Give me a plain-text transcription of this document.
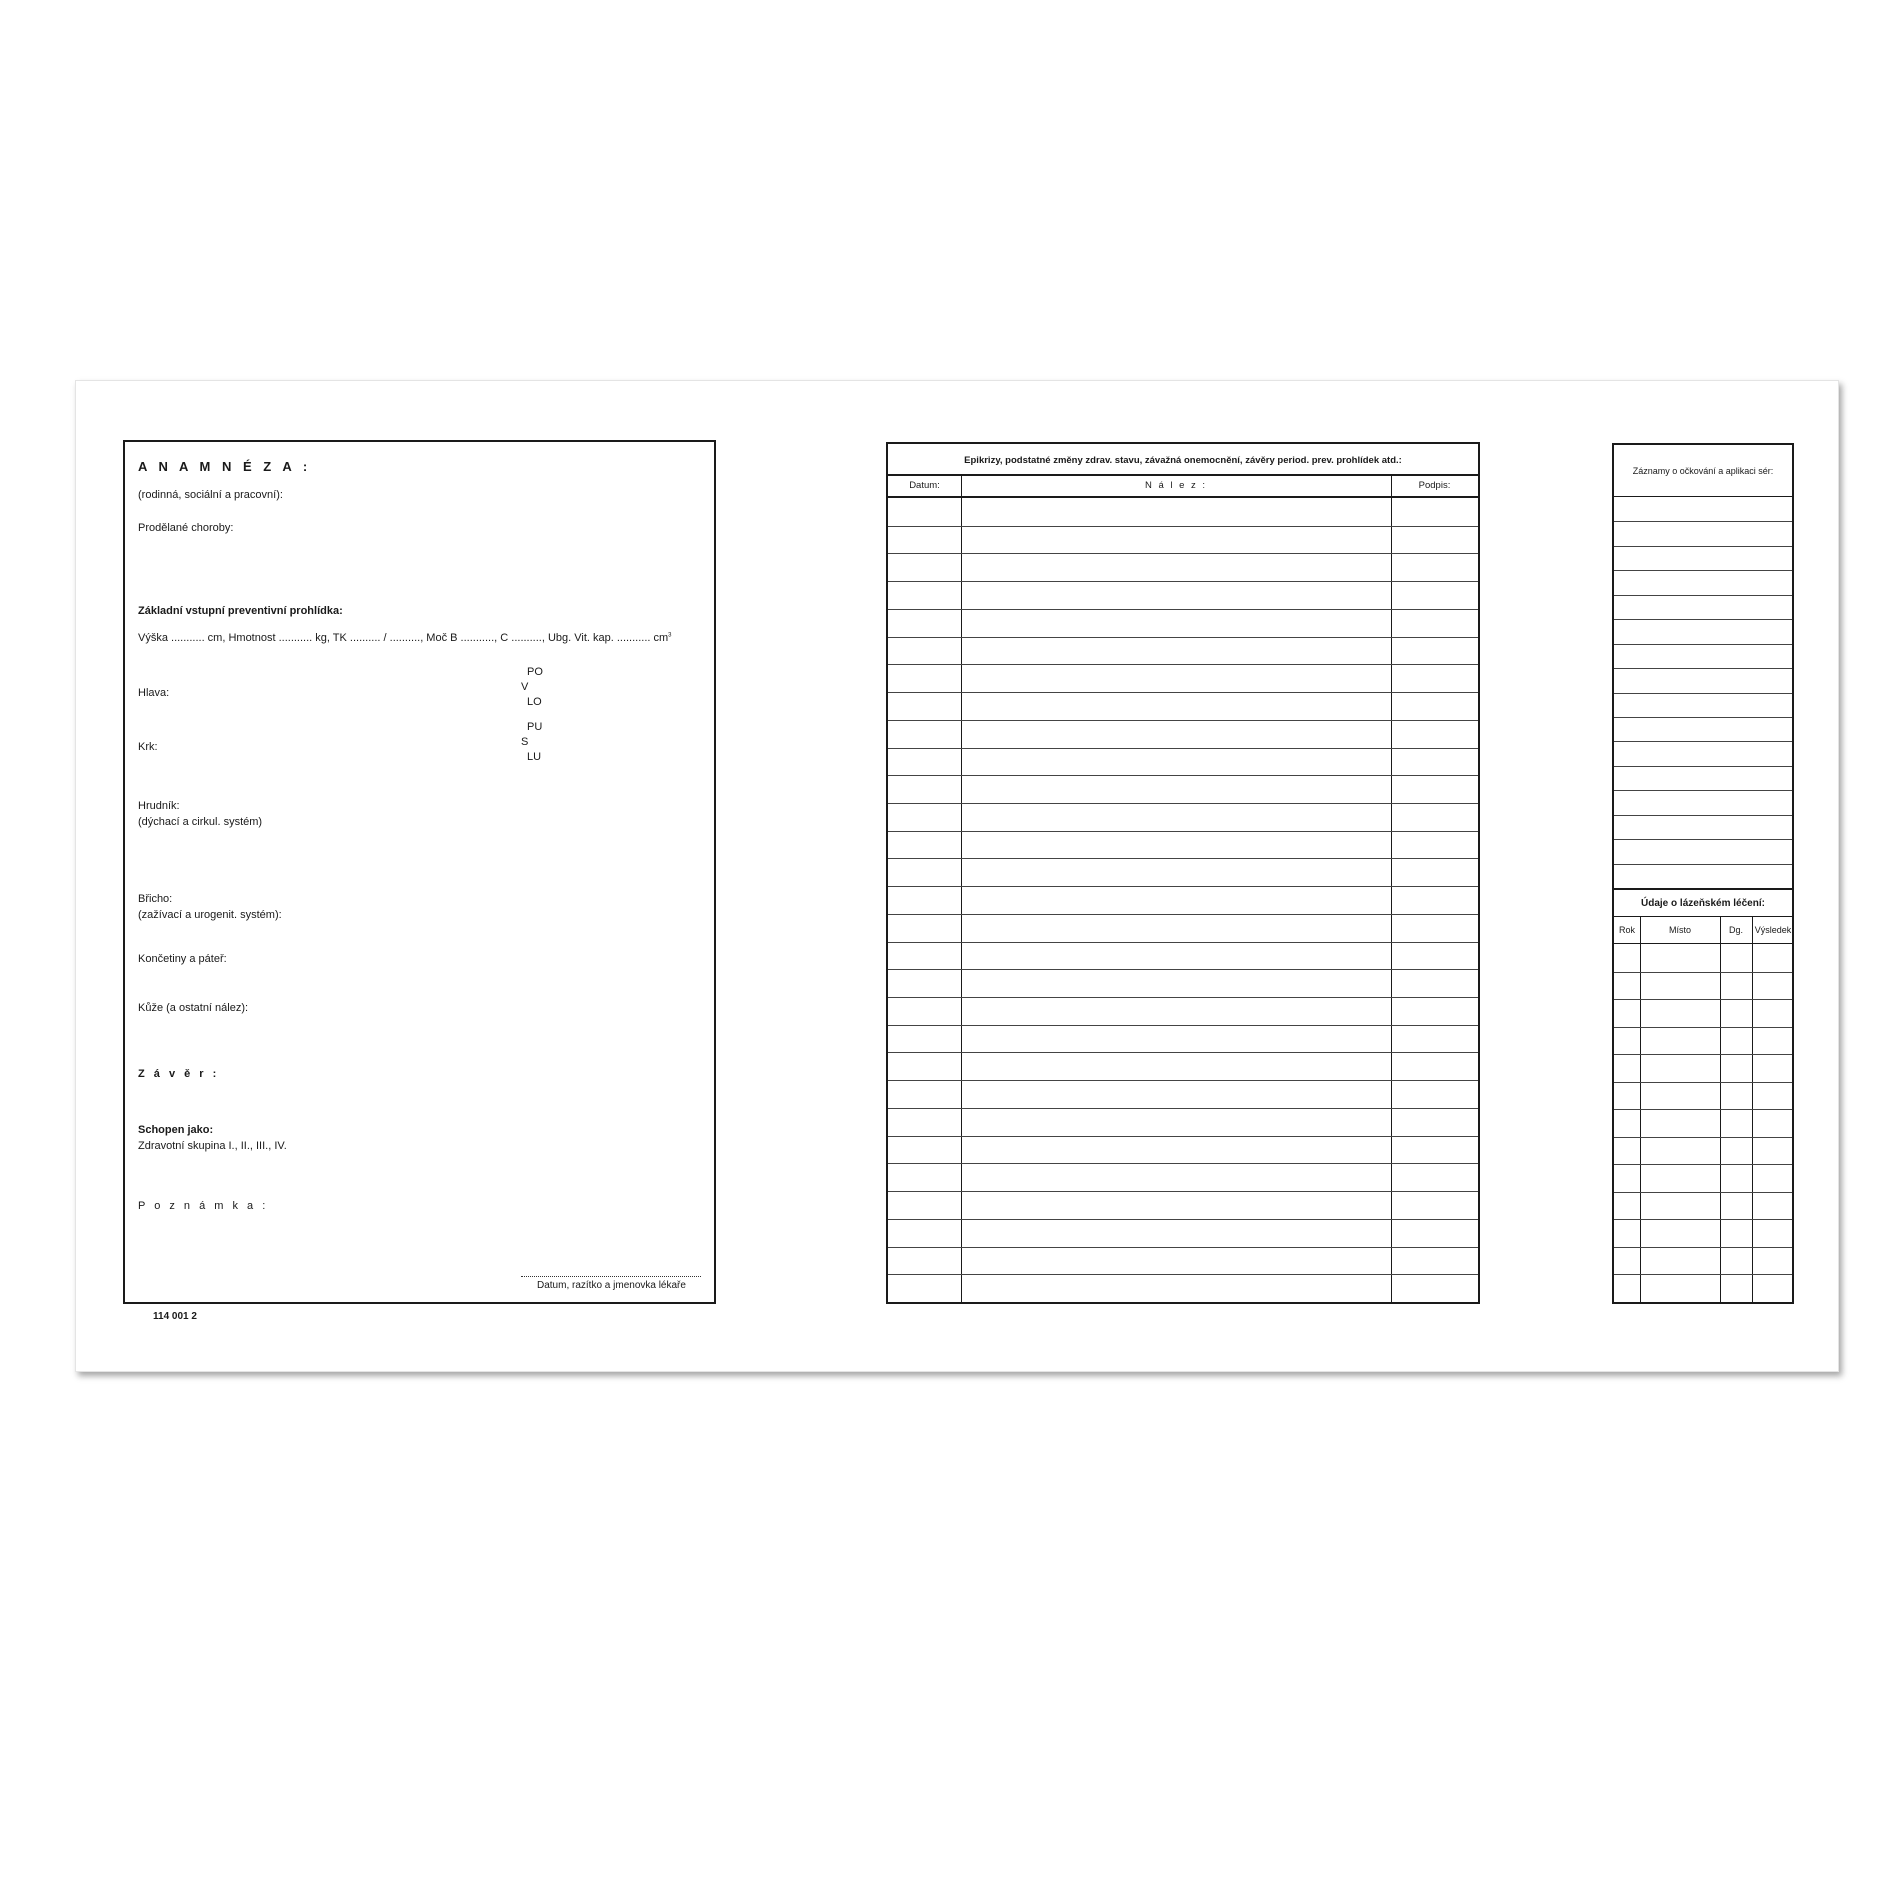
A N A M N É Z A :
(rodinná, sociální a pracovní):
Prodělané choroby:
Základní vstupní preventivní prohlídka:
Výška ........... cm, Hmotnost ........... kg, TK .......... / .........., Moč B ..........., C .........., Ubg. Vit. kap. ........... $cm^3$
Hlava:
PO
V
LO
Krk:
PU
S
LU
Hrudník:
(dýchací a cirkul. systém)
Břicho:
(zažívací a urogenit. systém):
Končetiny a páteř:
Kůže (a ostatní nález):
Z á v ě r :
Schopen jako:
Zdravotní skupina I., II., III., IV.
P o z n á m k a :
Datum, razítko a jmenovka lékaře
114 001 2
Epikrizy, podstatné změny zdrav. stavu, závažná onemocnění, závěry period. prev. prohlídek atd.:
Datum:	N á l e z :	Podpis:
Záznamy o očkování a aplikaci sér:
Údaje o lázeňském léčení:
Rok	Místo	Dg.	Výsledek
